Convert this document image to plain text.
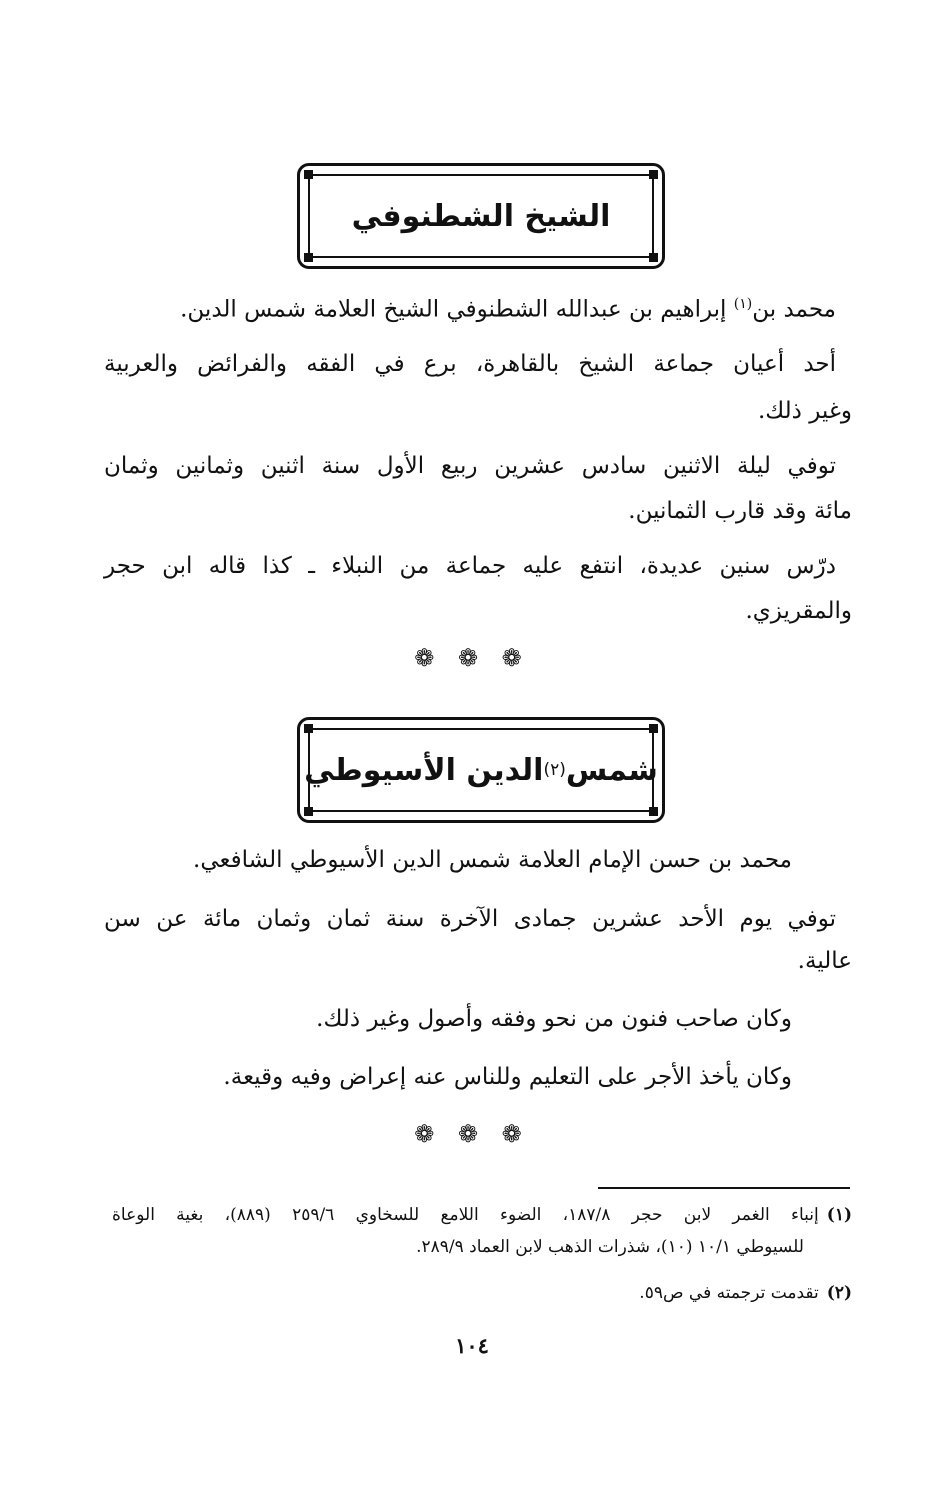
الشيخ الشطنوفي
محمد بن$^{(١)}$ إبراهيم بن عبدالله الشطنوفي الشيخ العلامة شمس الدين.
أحد أعيان جماعة الشيخ بالقاهرة، برع في الفقه والفرائض والعربية
وغير ذلك.
توفي ليلة الاثنين سادس عشرين ربيع الأول سنة اثنين وثمانين وثمان
مائة وقد قارب الثمانين.
درّس سنين عديدة، انتفع عليه جماعة من النبلاء ـ كذا قاله ابن حجر
والمقريزي.
❁ ❁ ❁
شمس
(٢)
الدين الأسيوطي
محمد بن حسن الإمام العلامة شمس الدين الأسيوطي الشافعي.
توفي يوم الأحد عشرين جمادى الآخرة سنة ثمان وثمان مائة عن سن
عالية.
وكان صاحب فنون من نحو وفقه وأصول وغير ذلك.
وكان يأخذ الأجر على التعليم وللناس عنه إعراض وفيه وقيعة.
❁ ❁ ❁
(١)إنباء الغمر لابن حجر ١٨٧/٨، الضوء اللامع للسخاوي ٢٥٩/٦ (٨٨٩)، بغية الوعاة
للسيوطي ١٠/١ (١٠)، شذرات الذهب لابن العماد ٢٨٩/٩.
(٢)تقدمت ترجمته في ص٥٩.
١٠٤
